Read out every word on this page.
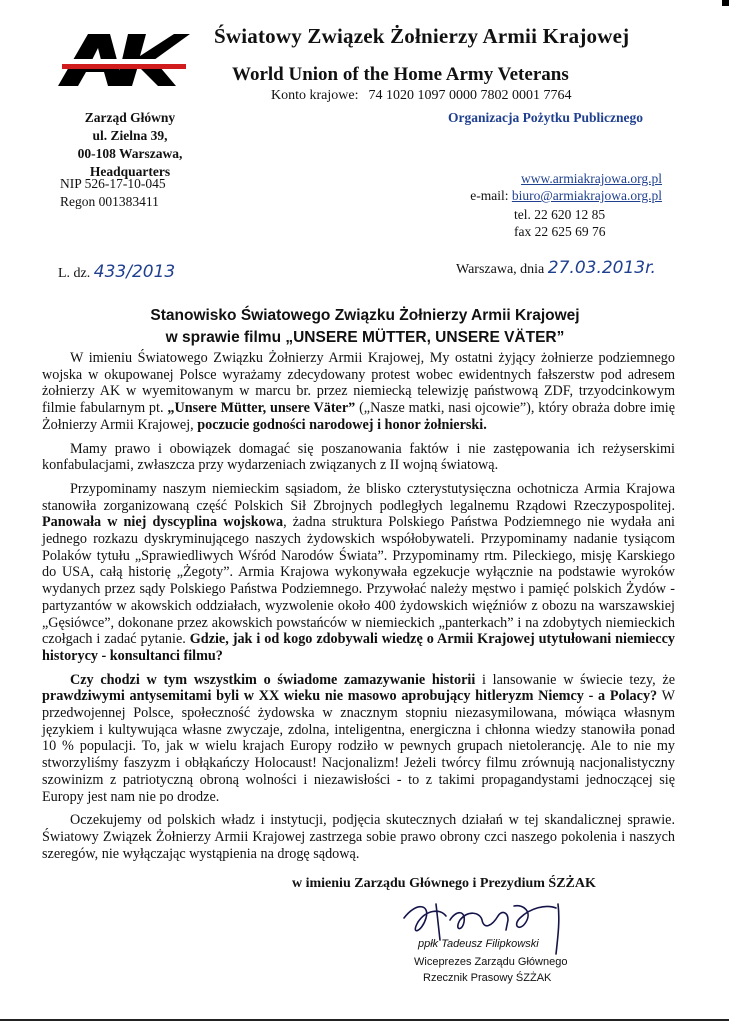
Światowy Związek Żołnierzy Armii Krajowej
World Union of the Home Army Veterans
Konto krajowe: 74 1020 1097 0000 7802 0001 7764
Organizacja Pożytku Publicznego
Zarząd Główny
ul. Zielna 39,
00-108 Warszawa,
Headquarters
NIP 526-17-10-045
Regon 001383411
www.armiakrajowa.org.pl
e-mail: biuro@armiakrajowa.org.pl
tel. 22 620 12 85
fax 22 625 69 76
L. dz. 433/2013	Warszawa, dnia 27.03.2013r.
Stanowisko Światowego Związku Żołnierzy Armii Krajowej
w sprawie filmu „UNSERE MÜTTER, UNSERE VÄTER”

W imieniu Światowego Związku Żołnierzy Armii Krajowej, My ostatni żyjący żołnierze podziemnego wojska w okupowanej Polsce wyrażamy zdecydowany protest wobec ewidentnych fałszerstw pod adresem żołnierzy AK w wyemitowanym w marcu br. przez niemiecką telewizję państwową ZDF, trzyodcinkowym filmie fabularnym pt. „Unsere Mütter, unsere Väter” („Nasze matki, nasi ojcowie”), który obraża dobre imię Żołnierzy Armii Krajowej, poczucie godności narodowej i honor żołnierski.

Mamy prawo i obowiązek domagać się poszanowania faktów i nie zastępowania ich reżyserskimi konfabulacjami, zwłaszcza przy wydarzeniach związanych z II wojną światową.

Przypominamy naszym niemieckim sąsiadom, że blisko czterystutysięczna ochotnicza Armia Krajowa stanowiła zorganizowaną część Polskich Sił Zbrojnych podległych legalnemu Rządowi Rzeczypospolitej. Panowała w niej dyscyplina wojskowa, żadna struktura Polskiego Państwa Podziemnego nie wydała ani jednego rozkazu dyskryminującego naszych żydowskich współobywateli. Przypominamy nadanie tysiącom Polaków tytułu „Sprawiedliwych Wśród Narodów Świata”. Przypominamy rtm. Pileckiego, misję Karskiego do USA, całą historię „Żegoty”. Armia Krajowa wykonywała egzekucje wyłącznie na podstawie wyroków wydanych przez sądy Polskiego Państwa Podziemnego. Przywołać należy męstwo i pamięć polskich Żydów - partyzantów w akowskich oddziałach, wyzwolenie około 400 żydowskich więźniów z obozu na warszawskiej „Gęsiówce”, dokonane przez akowskich powstańców w niemieckich „panterkach” i na zdobytych niemieckich czołgach i zadać pytanie. Gdzie, jak i od kogo zdobywali wiedzę o Armii Krajowej utytułowani niemieccy historycy - konsultanci filmu?

Czy chodzi w tym wszystkim o świadome zamazywanie historii i lansowanie w świecie tezy, że prawdziwymi antysemitami byli w XX wieku nie masowo aprobujący hitleryzm Niemcy - a Polacy? W przedwojennej Polsce, społeczność żydowska w znacznym stopniu niezasymilowana, mówiąca własnym językiem i kultywująca własne zwyczaje, zdolna, inteligentna, energiczna i chłonna wiedzy stanowiła ponad 10 % populacji. To, jak w wielu krajach Europy rodziło w pewnych grupach nietolerancję. Ale to nie my stworzyliśmy faszyzm i obłąkańczy Holocaust! Nacjonalizm! Jeżeli twórcy filmu zrównują nacjonalistyczny szowinizm z patriotyczną obroną wolności i niezawisłości - to z takimi propagandystami jednoczącej się Europy jest nam nie po drodze.

Oczekujemy od polskich władz i instytucji, podjęcia skutecznych działań w tej skandalicznej sprawie. Światowy Związek Żołnierzy Armii Krajowej zastrzega sobie prawo obrony czci naszego pokolenia i naszych szeregów, nie wyłączając wystąpienia na drogę sądową.

w imieniu Zarządu Głównego i Prezydium ŚZŻAK
ppłk Tadeusz Filipkowski
Wiceprezes Zarządu Głównego
Rzecznik Prasowy ŚZŻAK
